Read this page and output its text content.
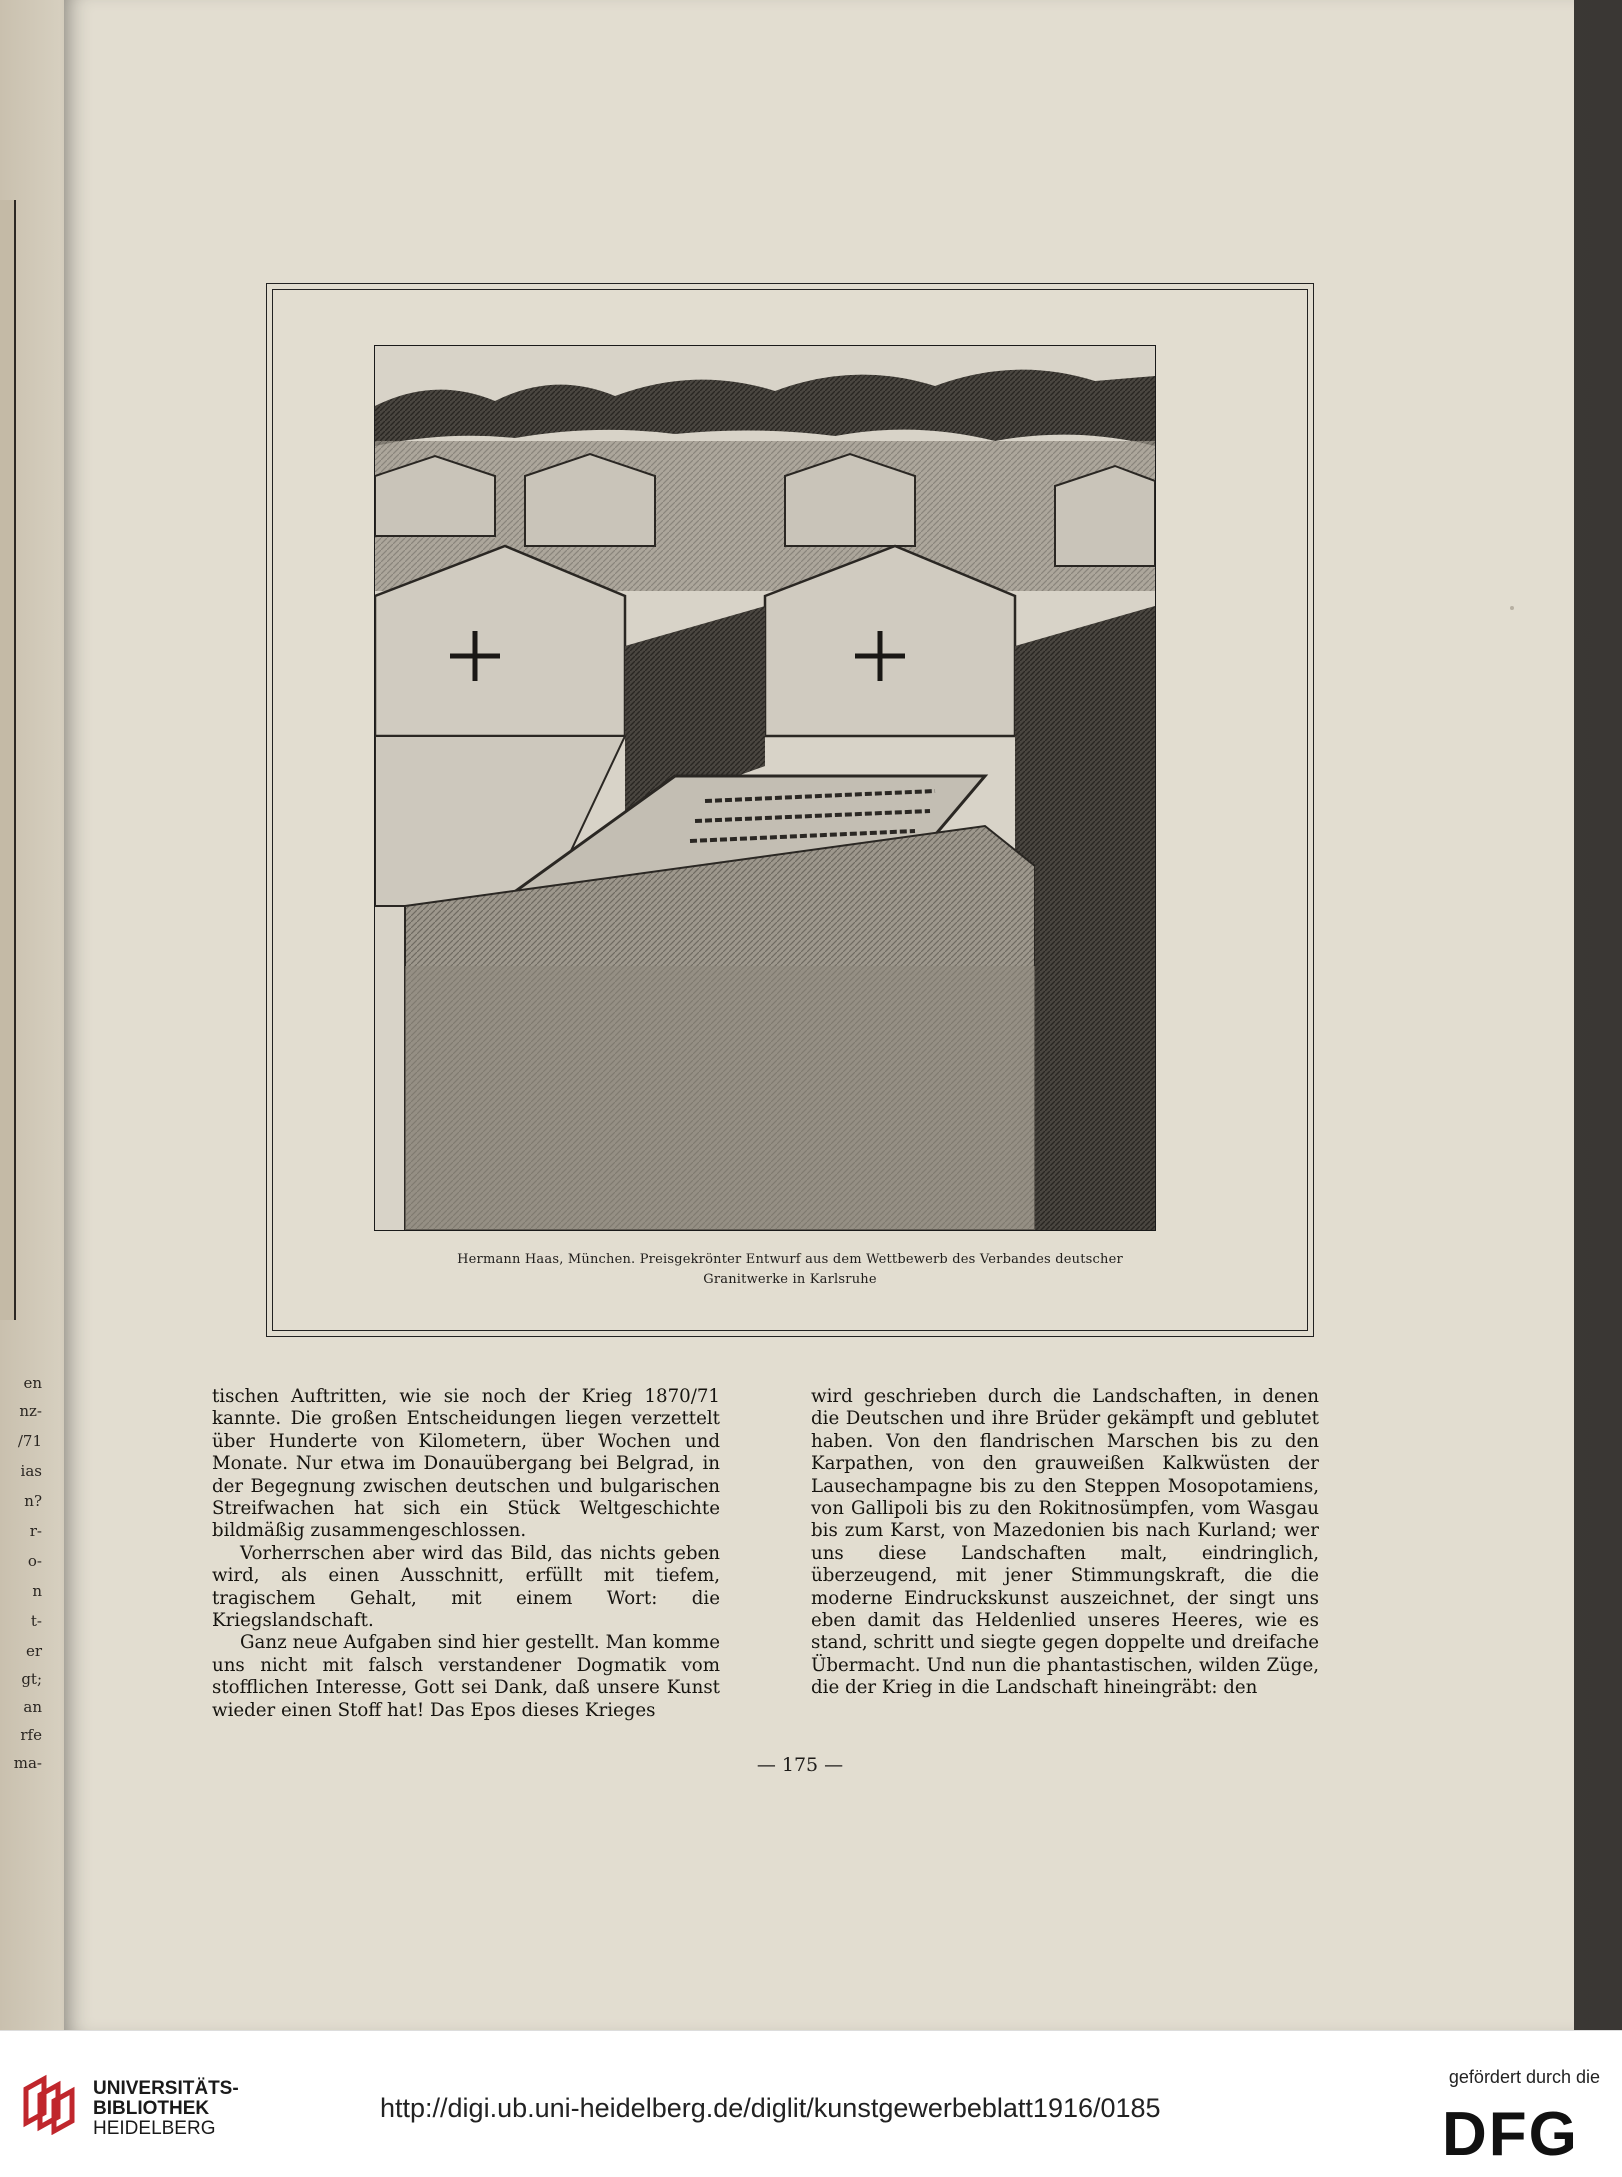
en
nz-
/71
ias
n?
r-
o-
n
t-
er
gt;
an
rfe
ma-
Hermann Haas, München. Preisgekrönter Entwurf aus dem Wettbewerb des Verbandes deutscher
Granitwerke in Karlsruhe

tischen Auftritten, wie sie noch der Krieg 1870/71 kannte. Die großen Entscheidungen liegen verzettelt über Hunderte von Kilometern, über Wochen und Monate. Nur etwa im Donauübergang bei Belgrad, in der Begegnung zwischen deutschen und bulgarischen Streifwachen hat sich ein Stück Weltgeschichte bildmäßig zusammengeschlossen.

Vorherrschen aber wird das Bild, das nichts geben wird, als einen Ausschnitt, erfüllt mit tiefem, tragischem Gehalt, mit einem Wort: die Kriegslandschaft.

Ganz neue Aufgaben sind hier gestellt. Man komme uns nicht mit falsch verstandener Dogmatik vom stofflichen Interesse, Gott sei Dank, daß unsere Kunst wieder einen Stoff hat! Das Epos dieses Krieges

wird geschrieben durch die Landschaften, in denen die Deutschen und ihre Brüder gekämpft und geblutet haben. Von den flandrischen Marschen bis zu den Karpathen, von den grauweißen Kalkwüsten der Lausechampagne bis zu den Steppen Mosopotamiens, von Gallipoli bis zu den Rokitnosümpfen, vom Wasgau bis zum Karst, von Mazedonien bis nach Kurland; wer uns diese Landschaften malt, eindringlich, überzeugend, mit jener Stimmungskraft, die die moderne Eindruckskunst auszeichnet, der singt uns eben damit das Heldenlied unseres Heeres, wie es stand, schritt und siegte gegen doppelte und dreifache Übermacht. Und nun die phantastischen, wilden Züge, die der Krieg in die Landschaft hineingräbt: den

— 175 —
UNIVERSITÄTS-
BIBLIOTHEK
HEIDELBERG
http://digi.ub.uni-heidelberg.de/diglit/kunstgewerbeblatt1916/0185
gefördert durch die
DFG
